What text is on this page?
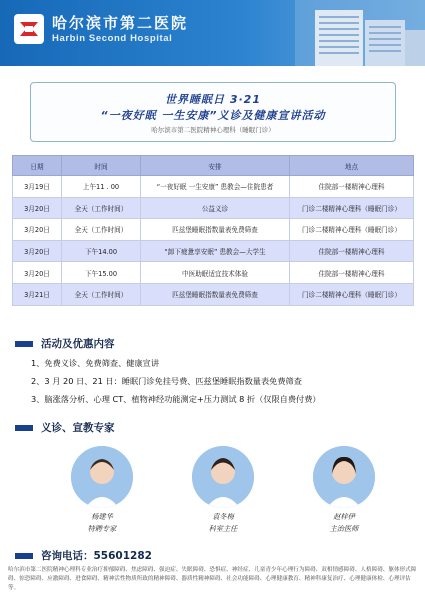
哈尔滨市第二医院
Harbin Second Hospital
世界睡眠日 3·21
“一夜好眠 一生安康”义诊及健康宣讲活动
哈尔滨市第二医院精神心理科（睡眠门诊）
日期	时间	安排	地点
3月19日	上午11 . 00	“一夜好眠 一生安康” 患教会—住院患者	住院部一楼精神心理科
3月20日	全天（工作时间）	公益义诊	门诊二楼精神心理科（睡眠门诊）
3月20日	全天（工作时间）	匹兹堡睡眠指数量表免费筛查	门诊二楼精神心理科（睡眠门诊）
3月20日	下午14.00	“卸下疲惫享安眠” 患教会—大学生	住院部一楼精神心理科
3月20日	下午15.00	中医助眠适宜技术体验	住院部一楼精神心理科
3月21日	全天（工作时间）	匹兹堡睡眠指数量表免费筛查	门诊二楼精神心理科（睡眠门诊）
活动及优惠内容
1、免费义诊、免费筛查、健康宣讲
2、3 月 20 日、21 日：睡眠门诊免挂号费、匹兹堡睡眠指数量表免费筛查
3、脑涨落分析、心理 CT、植物神经功能测定+压力测试 8 折（仅限自费付费）
义诊、宣教专家
杨建华
特聘专家
袁冬梅
科室主任
赵梓伊
主治医师
咨询电话：55601282
哈尔滨市第二医院精神心理科专业治疗抑郁障碍、焦虑障碍、强迫症、失眠障碍、恐惧症、神经症、儿童青少年心理行为障碍、双相情感障碍、人格障碍、躯体形式障碍、惊恐障碍、应激障碍、进食障碍、精神活性物质所致的精神障碍、器质性精神障碍、社会功能障碍、心理健康教育、精神科康复治疗、心理健康体检、心理评估等。
